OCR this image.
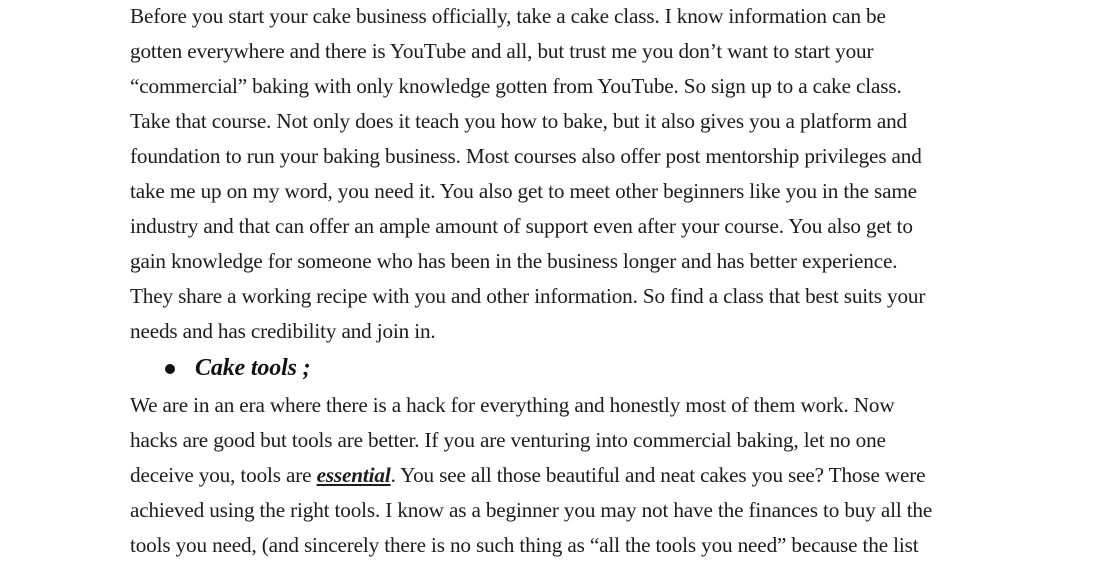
Before you start your cake business officially, take a cake class. I know information can be
gotten everywhere and there is YouTube and all, but trust me you don’t want to start your
“commercial” baking with only knowledge gotten from YouTube. So sign up to a cake class.
Take that course. Not only does it teach you how to bake, but it also gives you a platform and
foundation to run your baking business. Most courses also offer post mentorship privileges and
take me up on my word, you need it. You also get to meet other beginners like you in the same
industry and that can offer an ample amount of support even after your course. You also get to
gain knowledge for someone who has been in the business longer and has better experience.
They share a working recipe with you and other information. So find a class that best suits your
needs and has credibility and join in.

Cake tools ;

We are in an era where there is a hack for everything and honestly most of them work. Now
hacks are good but tools are better. If you are venturing into commercial baking, let no one
deceive you, tools are essential. You see all those beautiful and neat cakes you see? Those were
achieved using the right tools. I know as a beginner you may not have the finances to buy all the
tools you need, (and sincerely there is no such thing as “all the tools you need” because the list
